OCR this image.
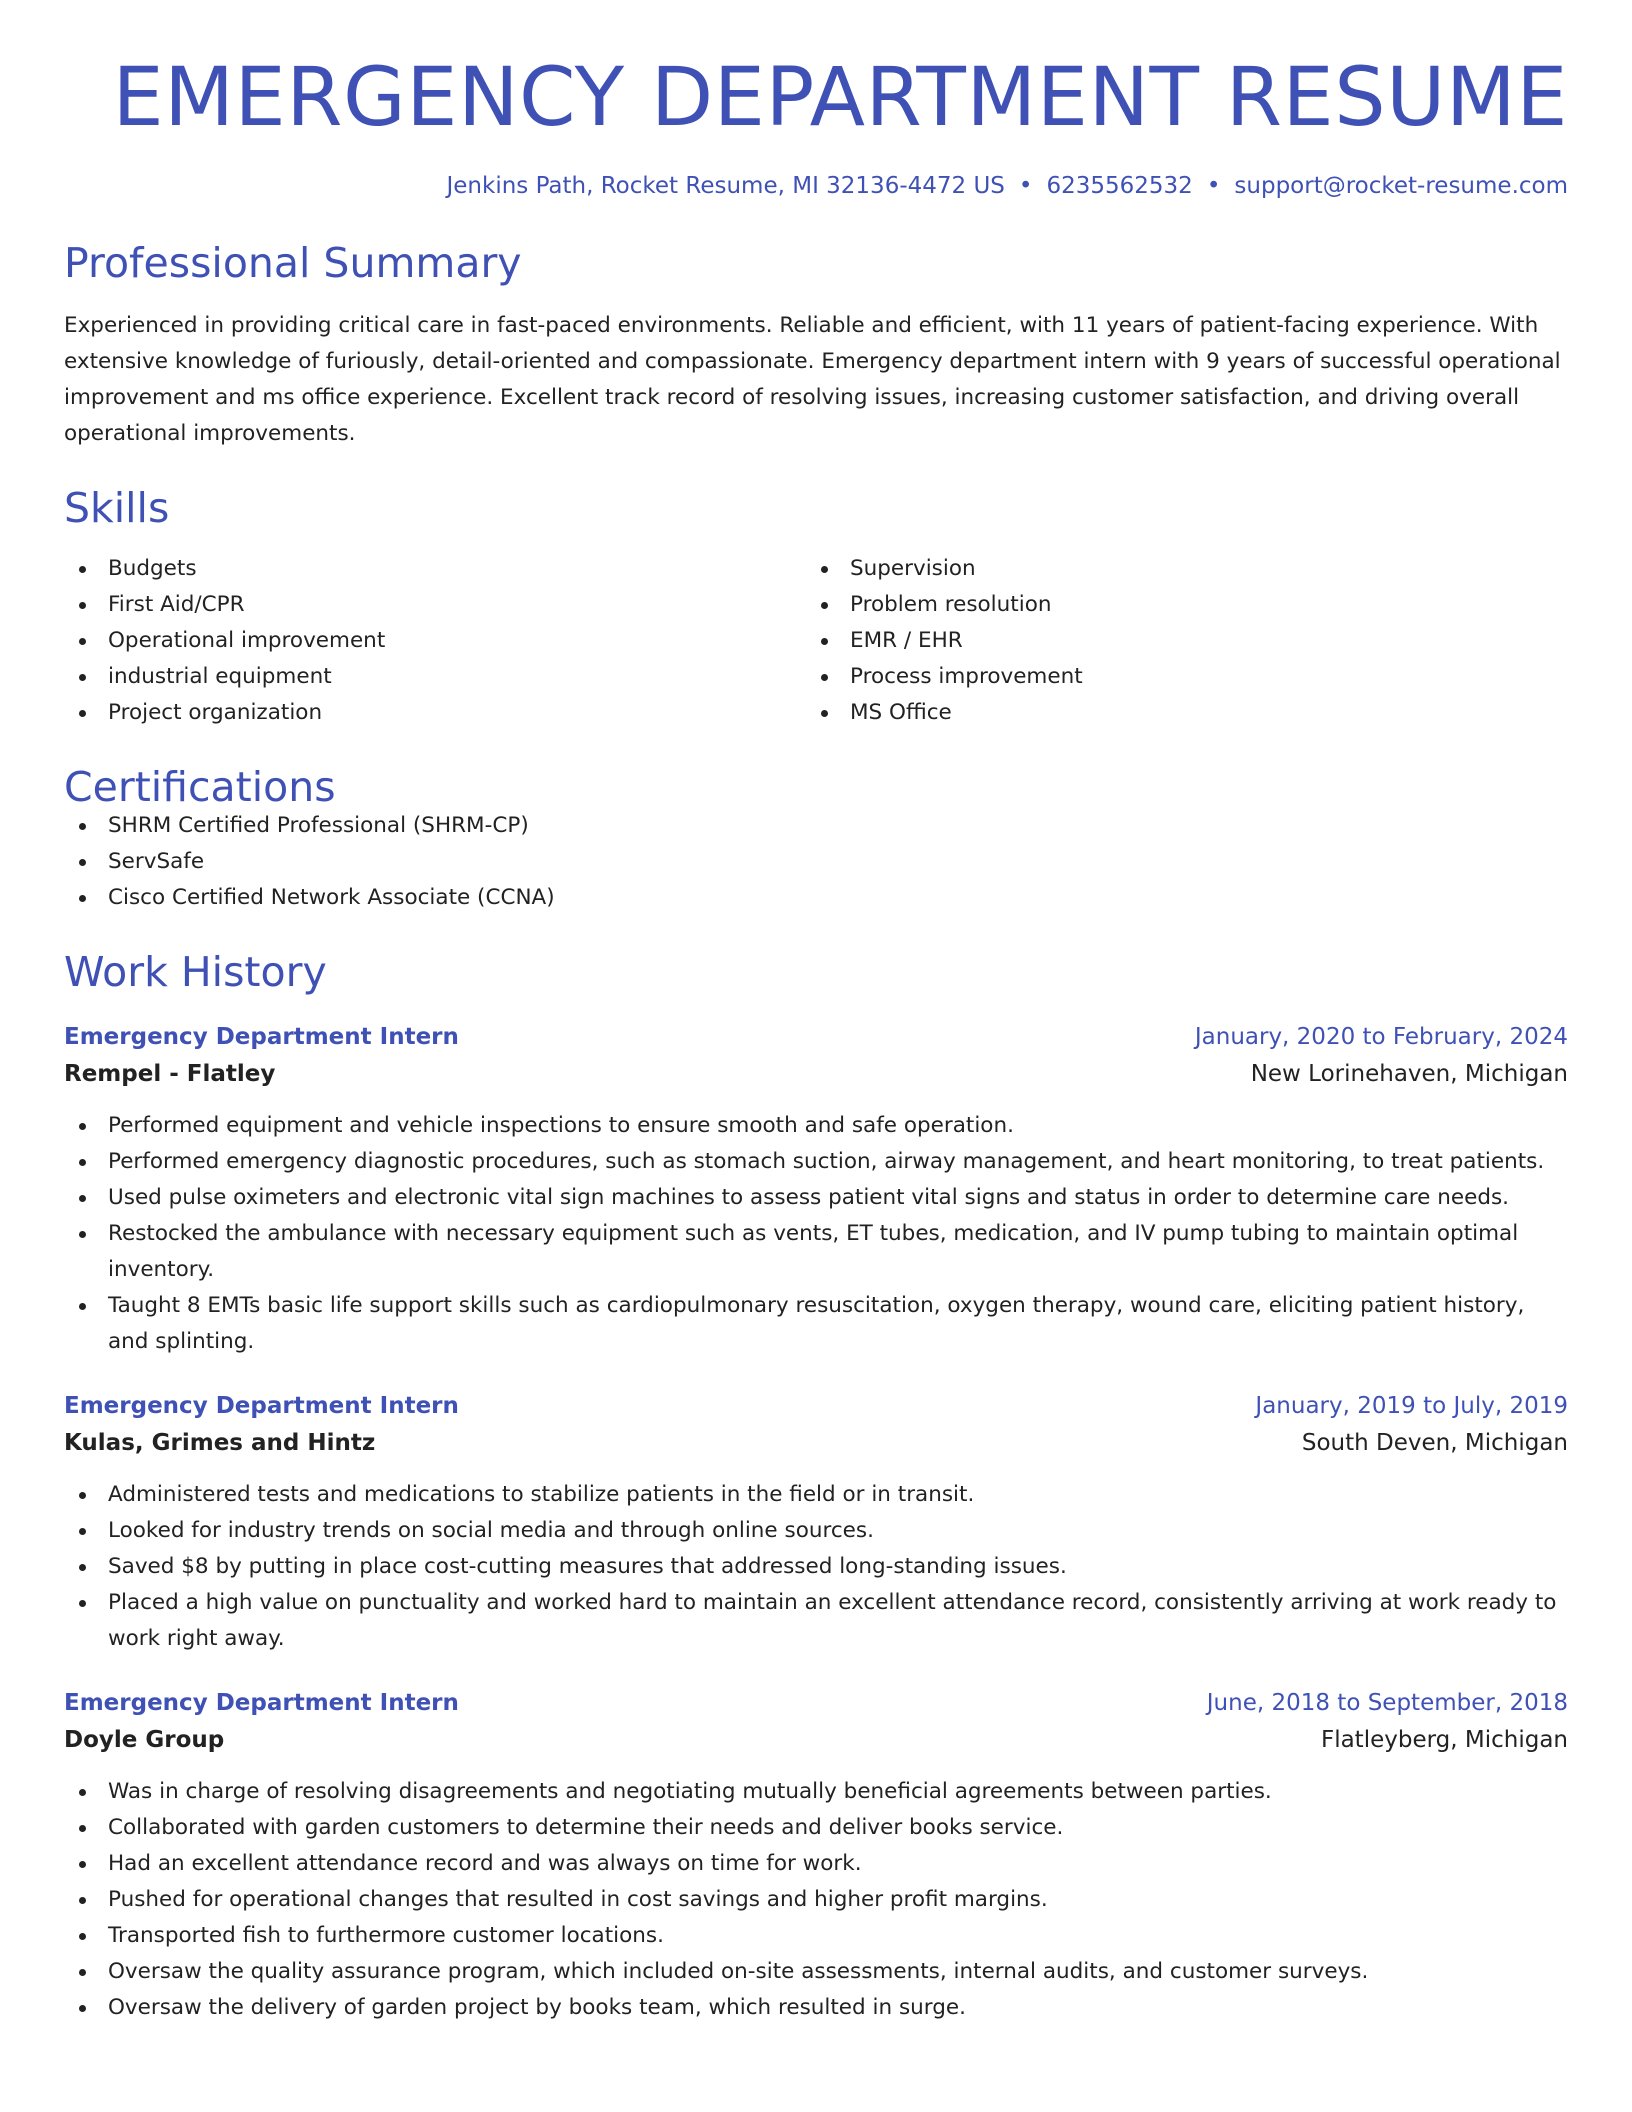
EMERGENCY DEPARTMENT RESUME
Jenkins Path, Rocket Resume, MI 32136-4472 US • 6235562532 • support@rocket-resume.com
Professional Summary

Experienced in providing critical care in fast-paced environments. Reliable and efficient, with 11 years of patient-facing experience. With extensive knowledge of furiously, detail-oriented and compassionate. Emergency department intern with 9 years of successful operational improvement and ms office experience. Excellent track record of resolving issues, increasing customer satisfaction, and driving overall operational improvements.

Skills
Budgets
First Aid/CPR
Operational improvement
industrial equipment
Project organization
Supervision
Problem resolution
EMR / EHR
Process improvement
MS Office
Certifications
SHRM Certified Professional (SHRM-CP)
ServSafe
Cisco Certified Network Associate (CCNA)
Work History
Emergency Department Intern	January, 2020 to February, 2024
Rempel - Flatley	New Lorinehaven, Michigan
Performed equipment and vehicle inspections to ensure smooth and safe operation.
Performed emergency diagnostic procedures, such as stomach suction, airway management, and heart monitoring, to treat patients.
Used pulse oximeters and electronic vital sign machines to assess patient vital signs and status in order to determine care needs.
Restocked the ambulance with necessary equipment such as vents, ET tubes, medication, and IV pump tubing to maintain optimal inventory.
Taught 8 EMTs basic life support skills such as cardiopulmonary resuscitation, oxygen therapy, wound care, eliciting patient history, and splinting.
Emergency Department Intern	January, 2019 to July, 2019
Kulas, Grimes and Hintz	South Deven, Michigan
Administered tests and medications to stabilize patients in the field or in transit.
Looked for industry trends on social media and through online sources.
Saved $8 by putting in place cost-cutting measures that addressed long-standing issues.
Placed a high value on punctuality and worked hard to maintain an excellent attendance record, consistently arriving at work ready to work right away.
Emergency Department Intern	June, 2018 to September, 2018
Doyle Group	Flatleyberg, Michigan
Was in charge of resolving disagreements and negotiating mutually beneficial agreements between parties.
Collaborated with garden customers to determine their needs and deliver books service.
Had an excellent attendance record and was always on time for work.
Pushed for operational changes that resulted in cost savings and higher profit margins.
Transported fish to furthermore customer locations.
Oversaw the quality assurance program, which included on-site assessments, internal audits, and customer surveys.
Oversaw the delivery of garden project by books team, which resulted in surge.
